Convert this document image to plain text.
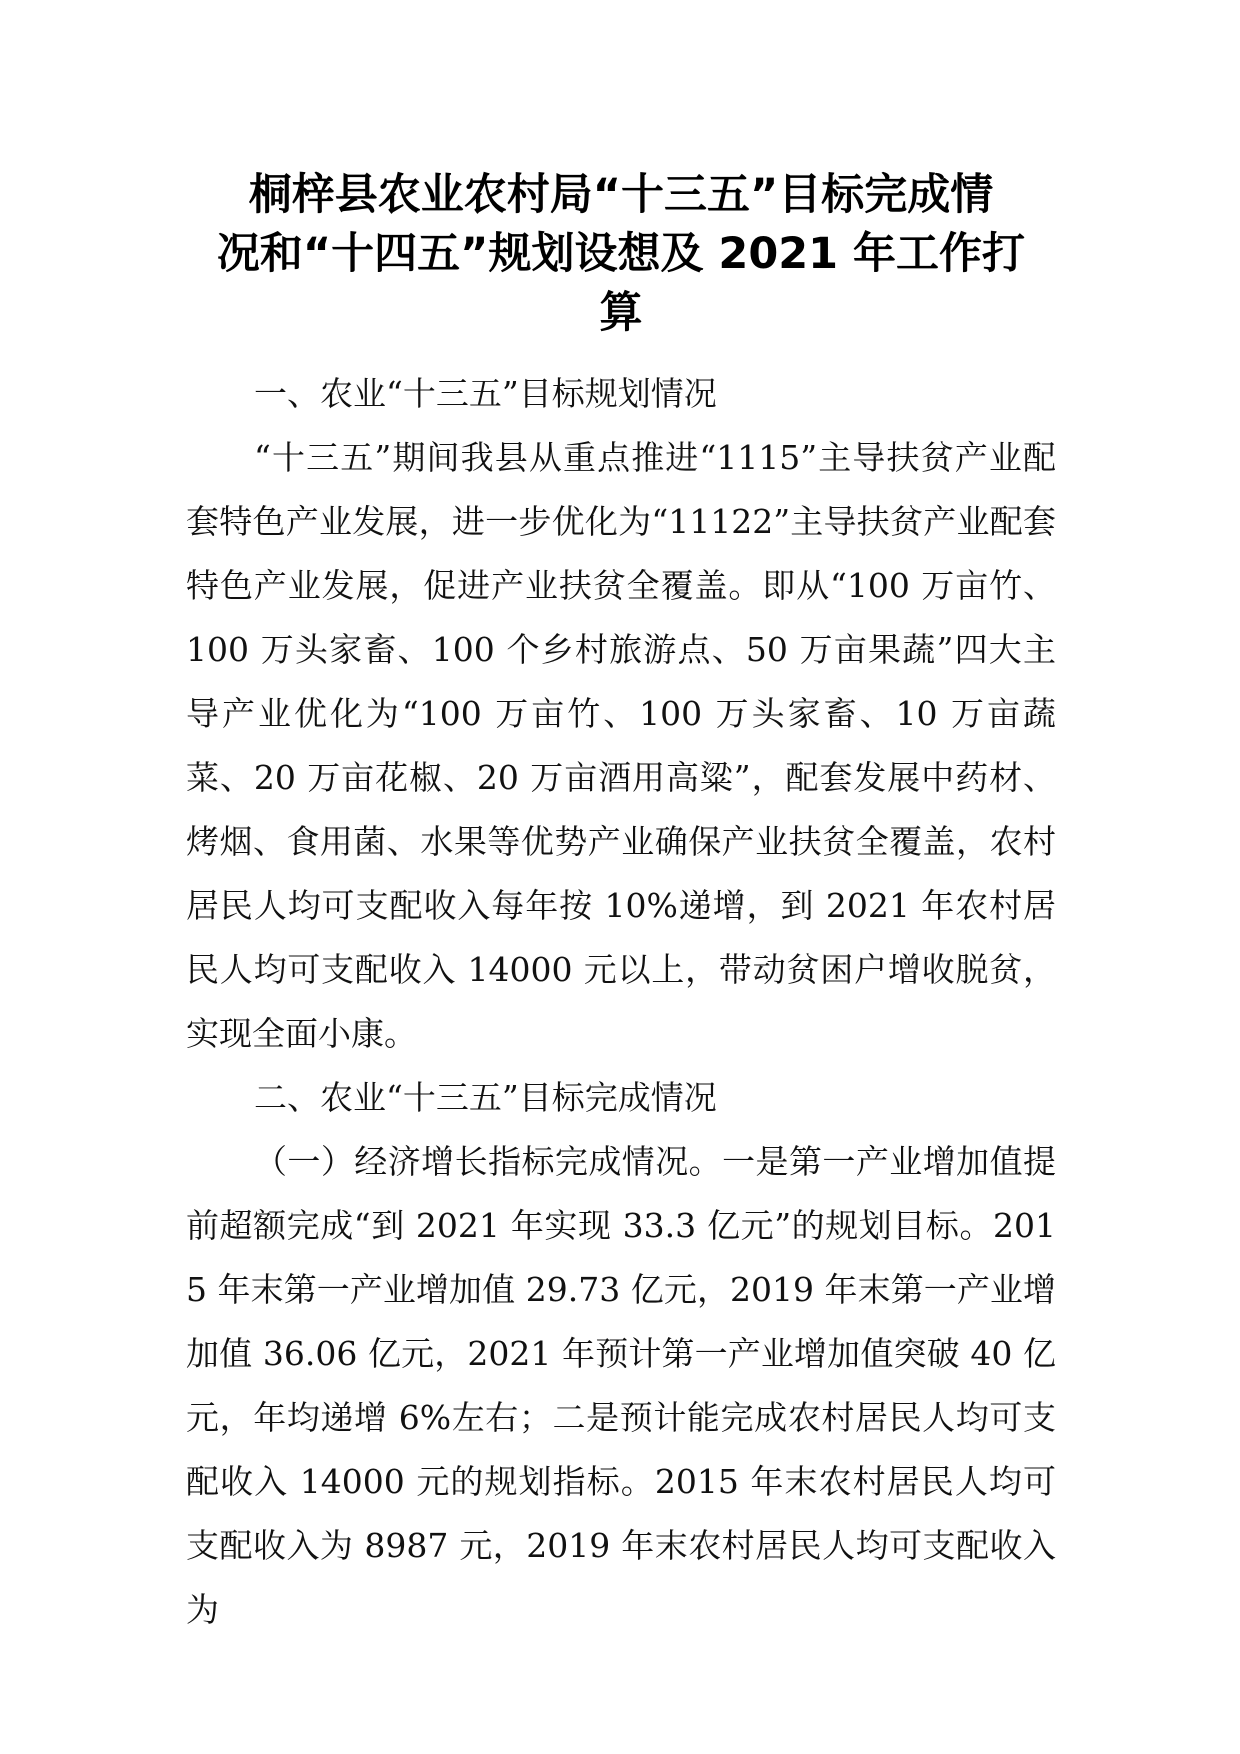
桐梓县农业农村局“十三五”目标完成情
况和“十四五”规划设想及 2021 年工作打
算

一、农业“十三五”目标规划情况

“十三五”期间我县从重点推进“1115”主导扶贫产业配套特色产业发展，进一步优化为“11122”主导扶贫产业配套特色产业发展，促进产业扶贫全覆盖。即从“100 万亩竹、100 万头家畜、100 个乡村旅游点、50 万亩果蔬”四大主导产业优化为“100 万亩竹、100 万头家畜、10 万亩蔬菜、20 万亩花椒、20 万亩酒用高粱”，配套发展中药材、烤烟、食用菌、水果等优势产业确保产业扶贫全覆盖，农村居民人均可支配收入每年按 10%递增，到 2021 年农村居民人均可支配收入 14000 元以上，带动贫困户增收脱贫，实现全面小康。

二、农业“十三五”目标完成情况

（一）经济增长指标完成情况。一是第一产业增加值提前超额完成“到 2021 年实现 33.3 亿元”的规划目标。2015 年末第一产业增加值 29.73 亿元，2019 年末第一产业增加值 36.06 亿元，2021 年预计第一产业增加值突破 40 亿元，年均递增 6%左右；二是预计能完成农村居民人均可支配收入 14000 元的规划指标。2015 年末农村居民人均可支配收入为 8987 元，2019 年末农村居民人均可支配收入为
